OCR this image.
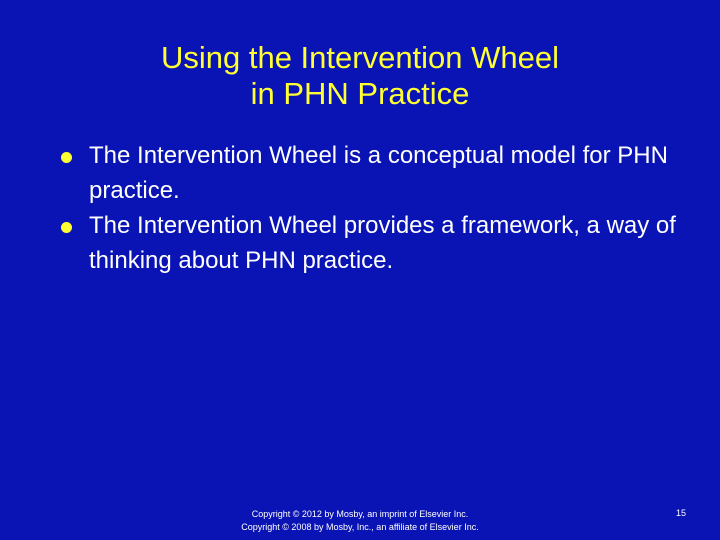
Using the Intervention Wheel
in PHN Practice
The Intervention Wheel is a conceptual model for PHN practice.
The Intervention Wheel provides a framework, a way of thinking about PHN practice.
Copyright © 2012 by Mosby, an imprint of Elsevier Inc.
Copyright © 2008 by Mosby, Inc., an affiliate of Elsevier Inc.
15
